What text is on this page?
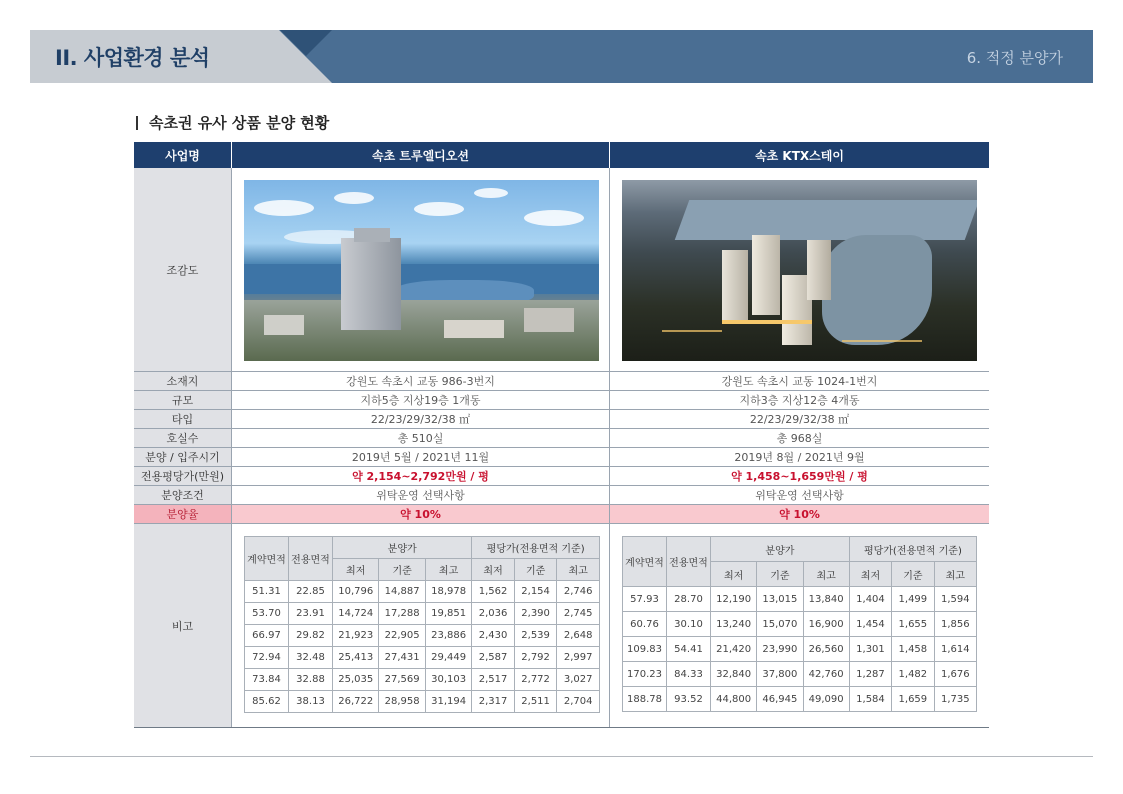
II. 사업환경 분석	6. 적정 분양가
속초권 유사 상품 분양 현황
사업명	속초 트루엘디오션	속초 KTX스테이
조감도
소재지	강원도 속초시 교동 986-3번지	강원도 속초시 교동 1024-1번지
규모	지하5층 지상19층 1개동	지하3층 지상12층 4개동
타입	22/23/29/32/38 ㎡	22/23/29/32/38 ㎡
호실수	총 510실	총 968실
분양 / 입주시기	2019년 5월 / 2021년 11월	2019년 8월 / 2021년 9월
전용평당가(만원)	약 2,154~2,792만원 / 평	약 1,458~1,659만원 / 평
분양조건	위탁운영 선택사항	위탁운영 선택사항
분양율	약 10%	약 10%
비고
계약면적	전용면적	분양가			평당가(전용면적 기준)		
		최저	기준	최고	최저	기준	최고
51.31	22.85	10,796	14,887	18,978	1,562	2,154	2,746
53.70	23.91	14,724	17,288	19,851	2,036	2,390	2,745
66.97	29.82	21,923	22,905	23,886	2,430	2,539	2,648
72.94	32.48	25,413	27,431	29,449	2,587	2,792	2,997
73.84	32.88	25,035	27,569	30,103	2,517	2,772	3,027
85.62	38.13	26,722	28,958	31,194	2,317	2,511	2,704
계약면적	전용면적	분양가			평당가(전용면적 기준)		
		최저	기준	최고	최저	기준	최고
57.93	28.70	12,190	13,015	13,840	1,404	1,499	1,594
60.76	30.10	13,240	15,070	16,900	1,454	1,655	1,856
109.83	54.41	21,420	23,990	26,560	1,301	1,458	1,614
170.23	84.33	32,840	37,800	42,760	1,287	1,482	1,676
188.78	93.52	44,800	46,945	49,090	1,584	1,659	1,735
